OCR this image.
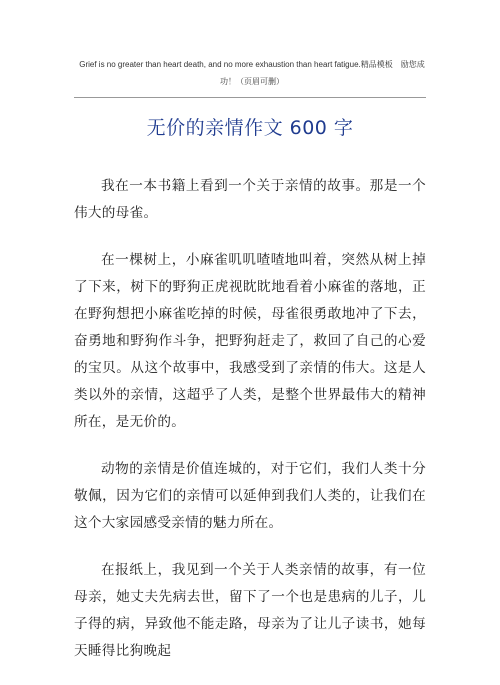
Grief is no greater than heart death, and no more exhaustion than heart fatigue.精品模板　励您成功！（页眉可删）
无价的亲情作文 600 字

我在一本书籍上看到一个关于亲情的故事。那是一个伟大的母雀。

在一棵树上，小麻雀叽叽喳喳地叫着，突然从树上掉了下来，树下的野狗正虎视眈眈地看着小麻雀的落地，正在野狗想把小麻雀吃掉的时候，母雀很勇敢地冲了下去，奋勇地和野狗作斗争，把野狗赶走了，救回了自己的心爱的宝贝。从这个故事中，我感受到了亲情的伟大。这是人类以外的亲情，这超乎了人类，是整个世界最伟大的精神所在，是无价的。

动物的亲情是价值连城的，对于它们，我们人类十分敬佩，因为它们的亲情可以延伸到我们人类的，让我们在这个大家园感受亲情的魅力所在。

在报纸上，我见到一个关于人类亲情的故事，有一位母亲，她丈夫先病去世，留下了一个也是患病的儿子，儿子得的病，异致他不能走路，母亲为了让儿子读书，她每天睡得比狗晚起
